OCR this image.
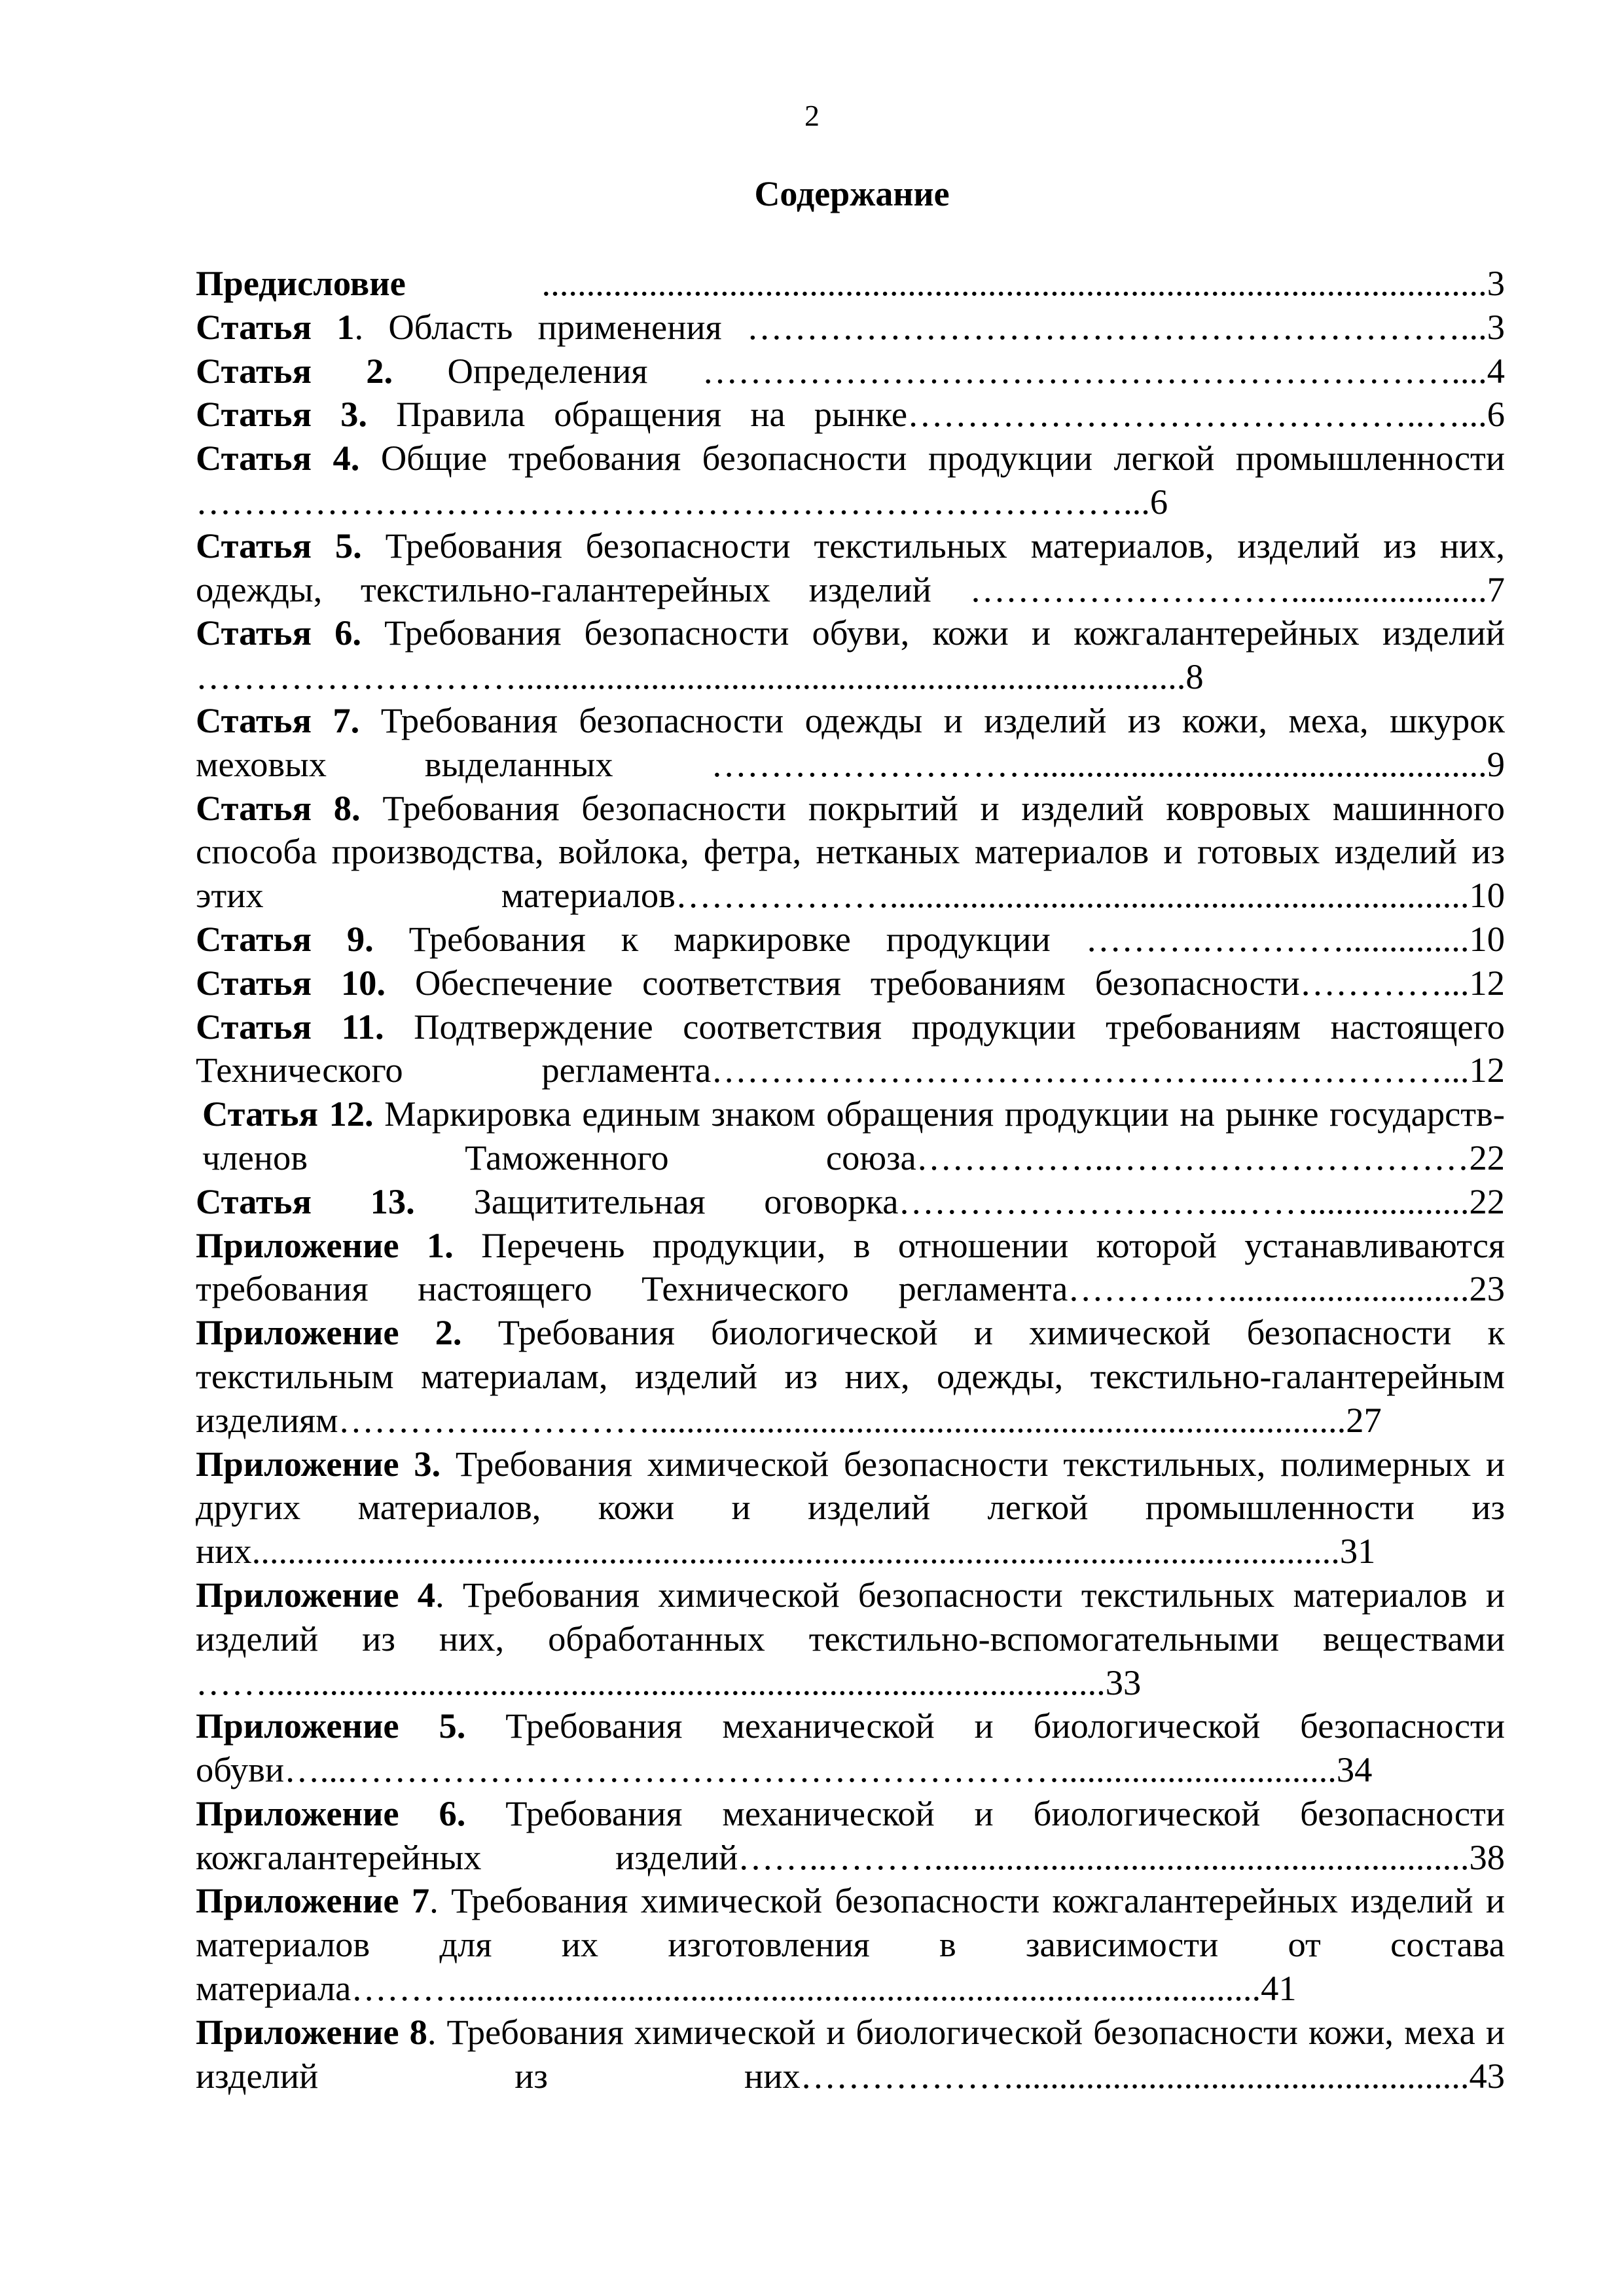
2
Содержание
Предисловие	..........................................................................................................3
Статья 1. Область применения ……………………………………………………...3
Статья 2. Определения ………………………………………………………....4
Статья 3. Правила обращения на рынке……………………………………..…...6
Статья 4. Общие требования безопасности продукции легкой промышленности ……………………………………………………………………...6
Статья 5. Требования безопасности текстильных материалов, изделий из них, одежды, текстильно-галантерейных изделий ………………………......................7
Статья 6. Требования безопасности обуви, кожи и кожгалантерейных изделий ………………………...........................................................................8
Статья 7. Требования безопасности одежды и изделий из кожи, меха, шкурок меховых выделанных ………………………...................................................9
Статья 8. Требования безопасности покрытий и изделий ковровых машинного способа производства, войлока, фетра, нетканых материалов и готовых изделий из этих материалов……………….................................................................10
Статья 9. Требования к маркировке продукции ……….…………..............10
Статья 10. Обеспечение соответствия требованиям безопасности…………...12
Статья 11. Подтверждение соответствия продукции требованиям настоящего Технического регламента……………………………………..………………...12
Статья 12. Маркировка единым знаком обращения продукции на рынке государств-членов Таможенного союза……………..…………………………22
Статья 13. Защитительная оговорка………………………..……..................22
Приложение 1. Перечень продукции, в отношении которой устанавливаются требования настоящего Технического регламента………..…...........................23
Приложение 2. Требования биологической и химической безопасности к текстильным материалам, изделий из них, одежды, текстильно-галантерейным изделиям…………...…………..............................................................................27
Приложение 3. Требования химической безопасности текстильных, полимерных и других материалов, кожи и изделий легкой промышленности из них..........................................................................................................................31
Приложение 4. Требования химической безопасности текстильных материалов и изделий из них, обработанных текстильно-вспомогательными веществами ……..............................................................................................33
Приложение 5. Требования механической и биологической безопасности обуви…...……………………………………………………...............................34
Приложение 6. Требования механической и биологической безопасности кожгалантерейных изделий……..………............................................................38
Приложение 7. Требования химической безопасности кожгалантерейных изделий и материалов для их изготовления в зависимости от состава материала………..........................................................................................41
Приложение 8. Требования химической и биологической безопасности кожи, меха и изделий из них………………...................................................43
